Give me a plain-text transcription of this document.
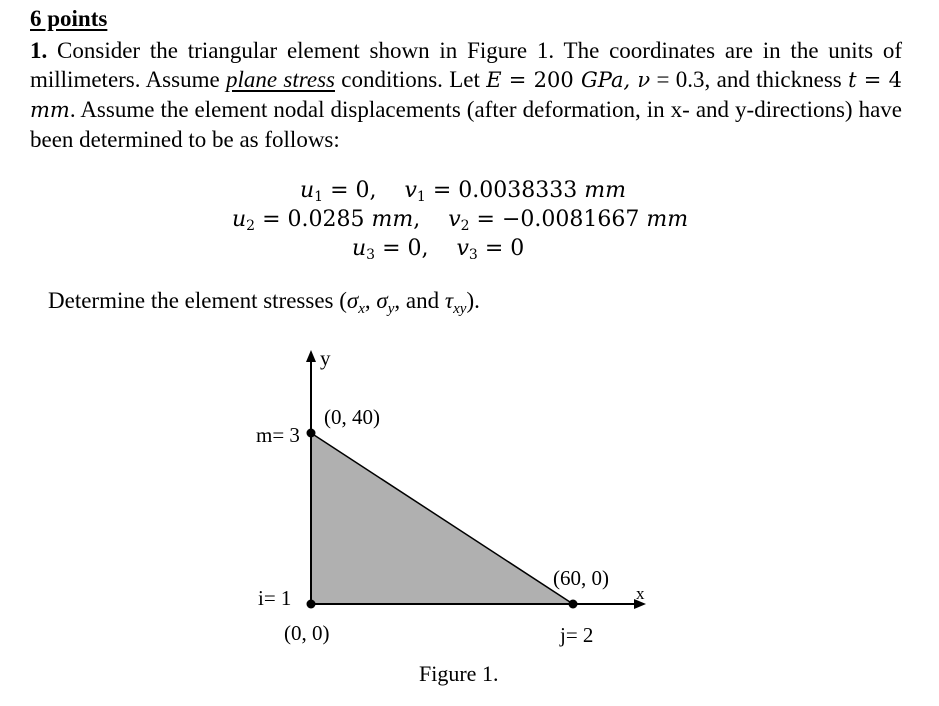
6 points
1. Consider the triangular element shown in Figure 1. The coordinates are in the units of millimeters. Assume plane stress conditions. Let E = 200 GPa, ν = 0.3, and thickness t = 4 mm. Assume the element nodal displacements (after deformation, in x- and y-directions) have been determined to be as follows:
$u_1 = 0$,    $v_1 = 0.0038333$ mm
$u_2 = 0.0285$ mm,    $v_2 = -0.0081667$ mm
$u_3 = 0$,    $v_3 = 0$
Determine the element stresses ($\sigma_x$, $\sigma_y$, and $\tau_{xy}$).
y
x
m= 3
(0, 40)
i= 1
(0, 0)
(60, 0)
j= 2
Figure 1.
